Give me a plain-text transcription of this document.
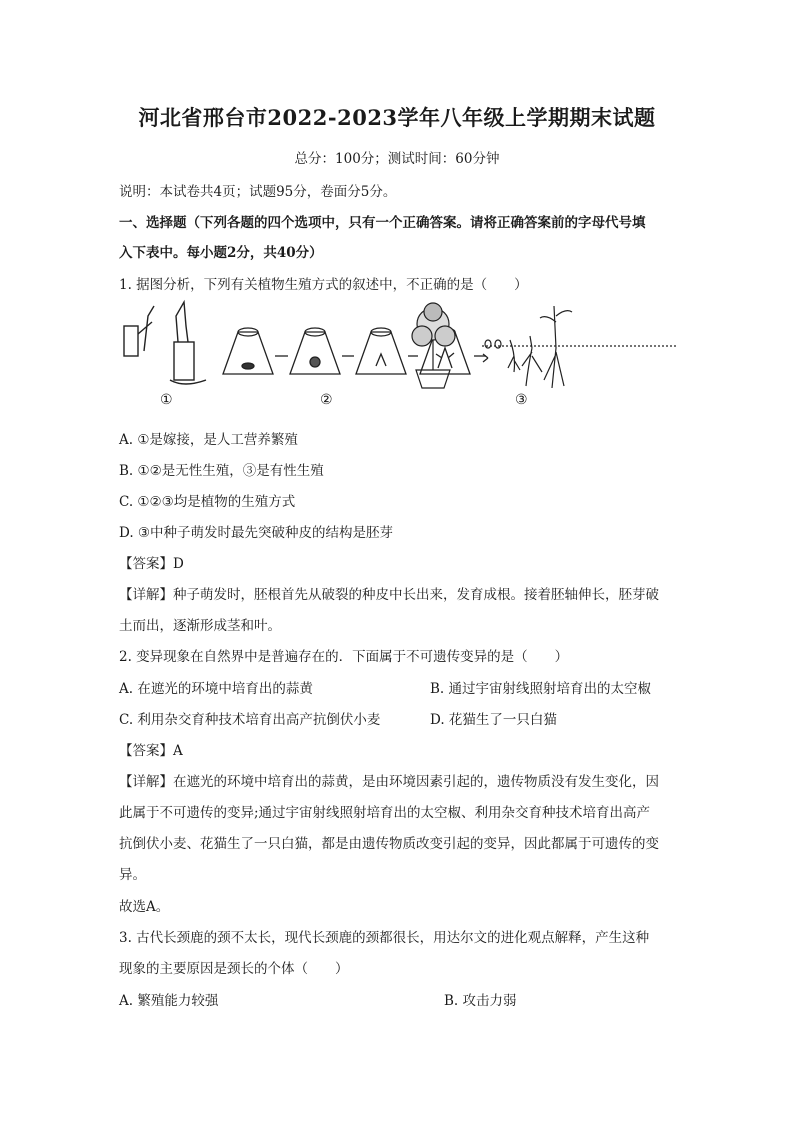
河北省邢台市2022-2023学年八年级上学期期末试题
总分：100分；测试时间：60分钟
说明：本试卷共4页；试题95分，卷面分5分。
一、选择题（下列各题的四个选项中，只有一个正确答案。请将正确答案前的字母代号填
入下表中。每小题2分，共40分）
1. 据图分析，下列有关植物生殖方式的叙述中，不正确的是（　　）
①	②	③
A. ①是嫁接，是人工营养繁殖
B. ①②是无性生殖，③是有性生殖
C. ①②③均是植物的生殖方式
D. ③中种子萌发时最先突破种皮的结构是胚芽
【答案】D
【详解】种子萌发时，胚根首先从破裂的种皮中长出来，发育成根。接着胚轴伸长，胚芽破
土而出，逐渐形成茎和叶。
2. 变异现象在自然界中是普遍存在的．下面属于不可遗传变异的是（　　）
A. 在遮光的环境中培育出的蒜黄	B. 通过宇宙射线照射培育出的太空椒
C. 利用杂交育种技术培育出高产抗倒伏小麦	D. 花猫生了一只白猫
【答案】A
【详解】在遮光的环境中培育出的蒜黄，是由环境因素引起的，遗传物质没有发生变化，因
此属于不可遗传的变异;通过宇宙射线照射培育出的太空椒、利用杂交育种技术培育出高产
抗倒伏小麦、花猫生了一只白猫，都是由遗传物质改变引起的变异，因此都属于可遗传的变
异。
故选A。
3. 古代长颈鹿的颈不太长，现代长颈鹿的颈都很长，用达尔文的进化观点解释，产生这种
现象的主要原因是颈长的个体（　　）
A. 繁殖能力较强	B. 攻击力弱
